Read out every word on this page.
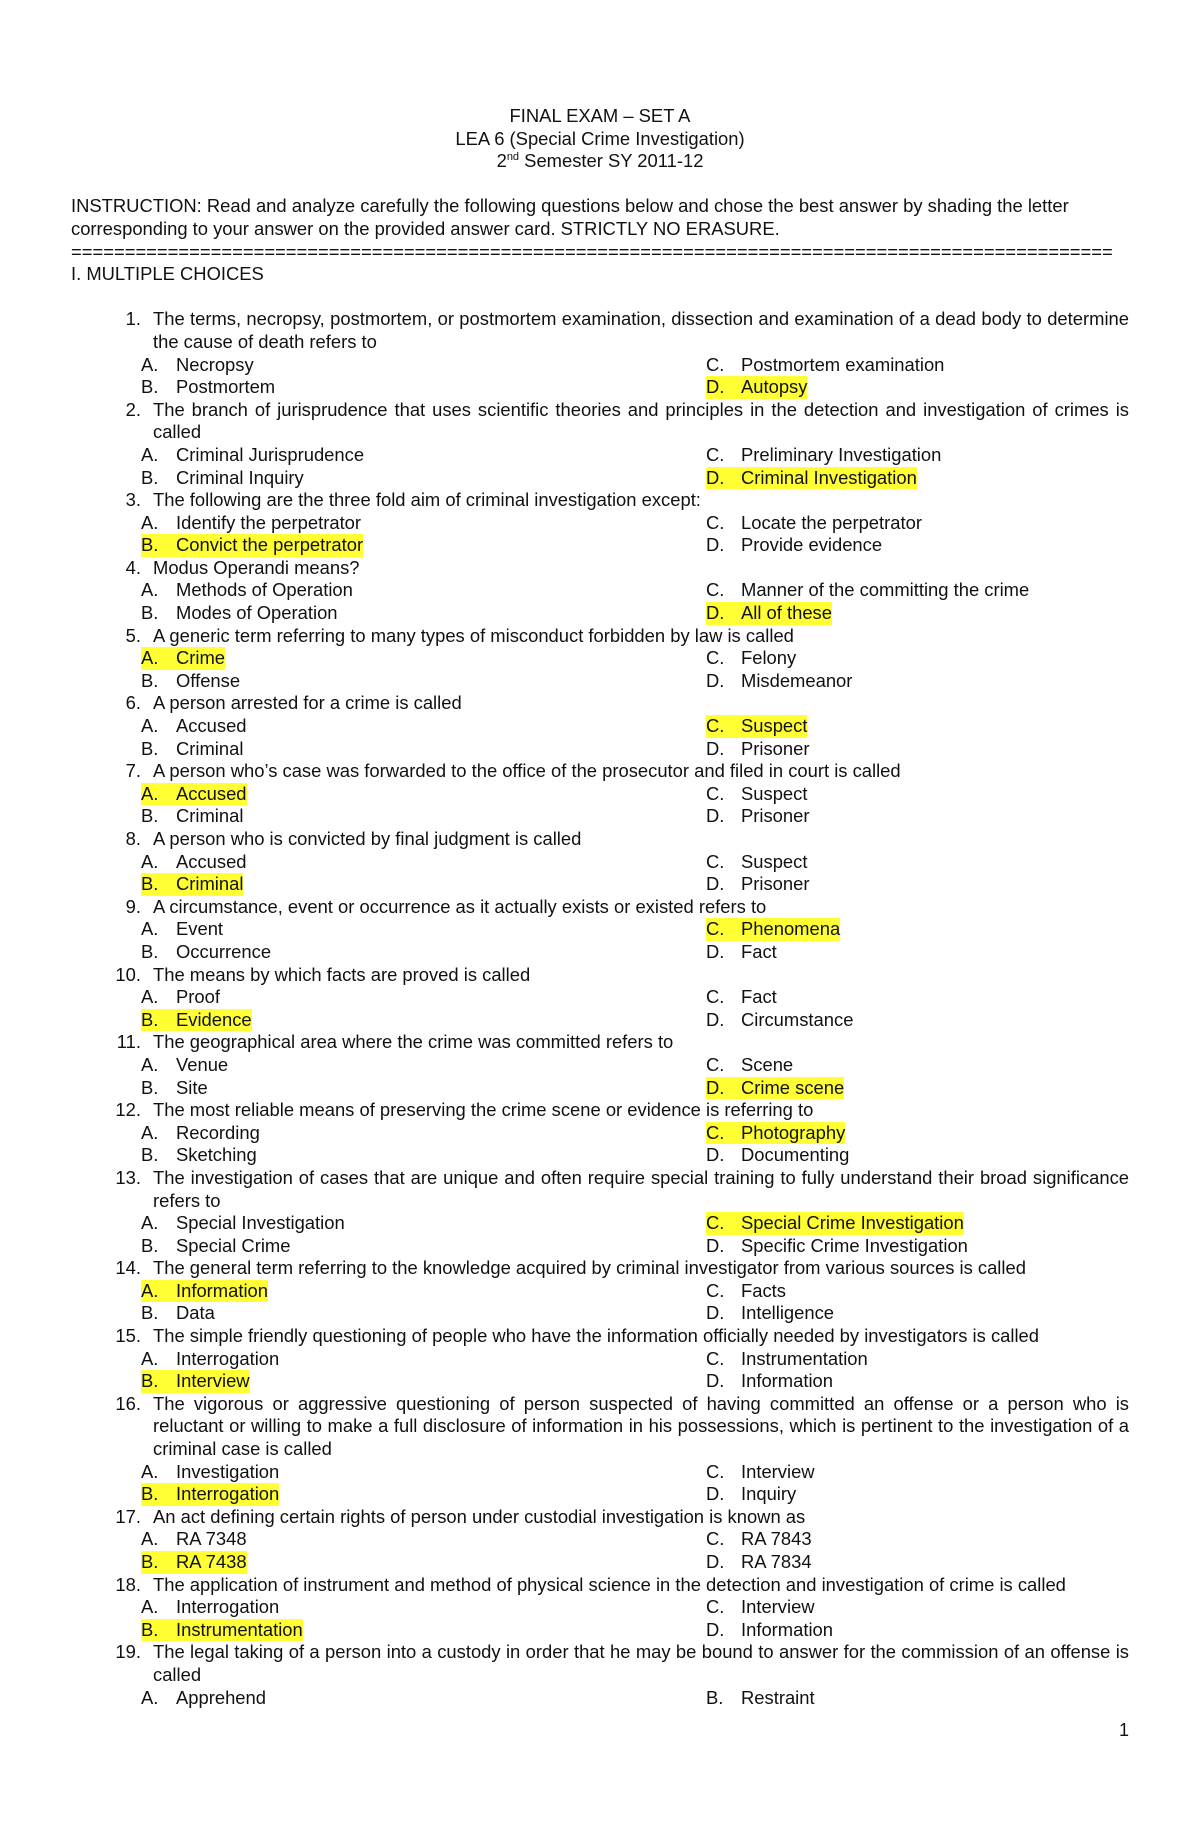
FINAL EXAM – SET A
LEA 6 (Special Crime Investigation)
2nd Semester SY 2011-12
INSTRUCTION: Read and analyze carefully the following questions below and chose the best answer by shading the letter corresponding to your answer on the provided answer card. STRICTLY NO ERASURE.
=================================================================================================
I. MULTIPLE CHOICES
1. The terms, necropsy, postmortem, or postmortem examination, dissection and examination of a dead body to determine the cause of death refers to
A. Necropsy	C. Postmortem examination
B. Postmortem	D. Autopsy
2. The branch of jurisprudence that uses scientific theories and principles in the detection and investigation of crimes is called
A. Criminal Jurisprudence	C. Preliminary Investigation
B. Criminal Inquiry	D. Criminal Investigation
3. The following are the three fold aim of criminal investigation except:
A. Identify the perpetrator	C. Locate the perpetrator
B. Convict the perpetrator	D. Provide evidence
4. Modus Operandi means?
A. Methods of Operation	C. Manner of the committing the crime
B. Modes of Operation	D. All of these
5. A generic term referring to many types of misconduct forbidden by law is called
A. Crime	C. Felony
B. Offense	D. Misdemeanor
6. A person arrested for a crime is called
A. Accused	C. Suspect
B. Criminal	D. Prisoner
7. A person who’s case was forwarded to the office of the prosecutor and filed in court is called
A. Accused	C. Suspect
B. Criminal	D. Prisoner
8. A person who is convicted by final judgment is called
A. Accused	C. Suspect
B. Criminal	D. Prisoner
9. A circumstance, event or occurrence as it actually exists or existed refers to
A. Event	C. Phenomena
B. Occurrence	D. Fact
10. The means by which facts are proved is called
A. Proof	C. Fact
B. Evidence	D. Circumstance
11. The geographical area where the crime was committed refers to
A. Venue	C. Scene
B. Site	D. Crime scene
12. The most reliable means of preserving the crime scene or evidence is referring to
A. Recording	C. Photography
B. Sketching	D. Documenting
13. The investigation of cases that are unique and often require special training to fully understand their broad significance refers to
A. Special Investigation	C. Special Crime Investigation
B. Special Crime	D. Specific Crime Investigation
14. The general term referring to the knowledge acquired by criminal investigator from various sources is called
A. Information	C. Facts
B. Data	D. Intelligence
15. The simple friendly questioning of people who have the information officially needed by investigators is called
A. Interrogation	C. Instrumentation
B. Interview	D. Information
16. The vigorous or aggressive questioning of person suspected of having committed an offense or a person who is reluctant or willing to make a full disclosure of information in his possessions, which is pertinent to the investigation of a criminal case is called
A. Investigation	C. Interview
B. Interrogation	D. Inquiry
17. An act defining certain rights of person under custodial investigation is known as
A. RA 7348	C. RA 7843
B. RA 7438	D. RA 7834
18. The application of instrument and method of physical science in the detection and investigation of crime is called
A. Interrogation	C. Interview
B. Instrumentation	D. Information
19. The legal taking of a person into a custody in order that he may be bound to answer for the commission of an offense is called
A. Apprehend	B. Restraint
1
